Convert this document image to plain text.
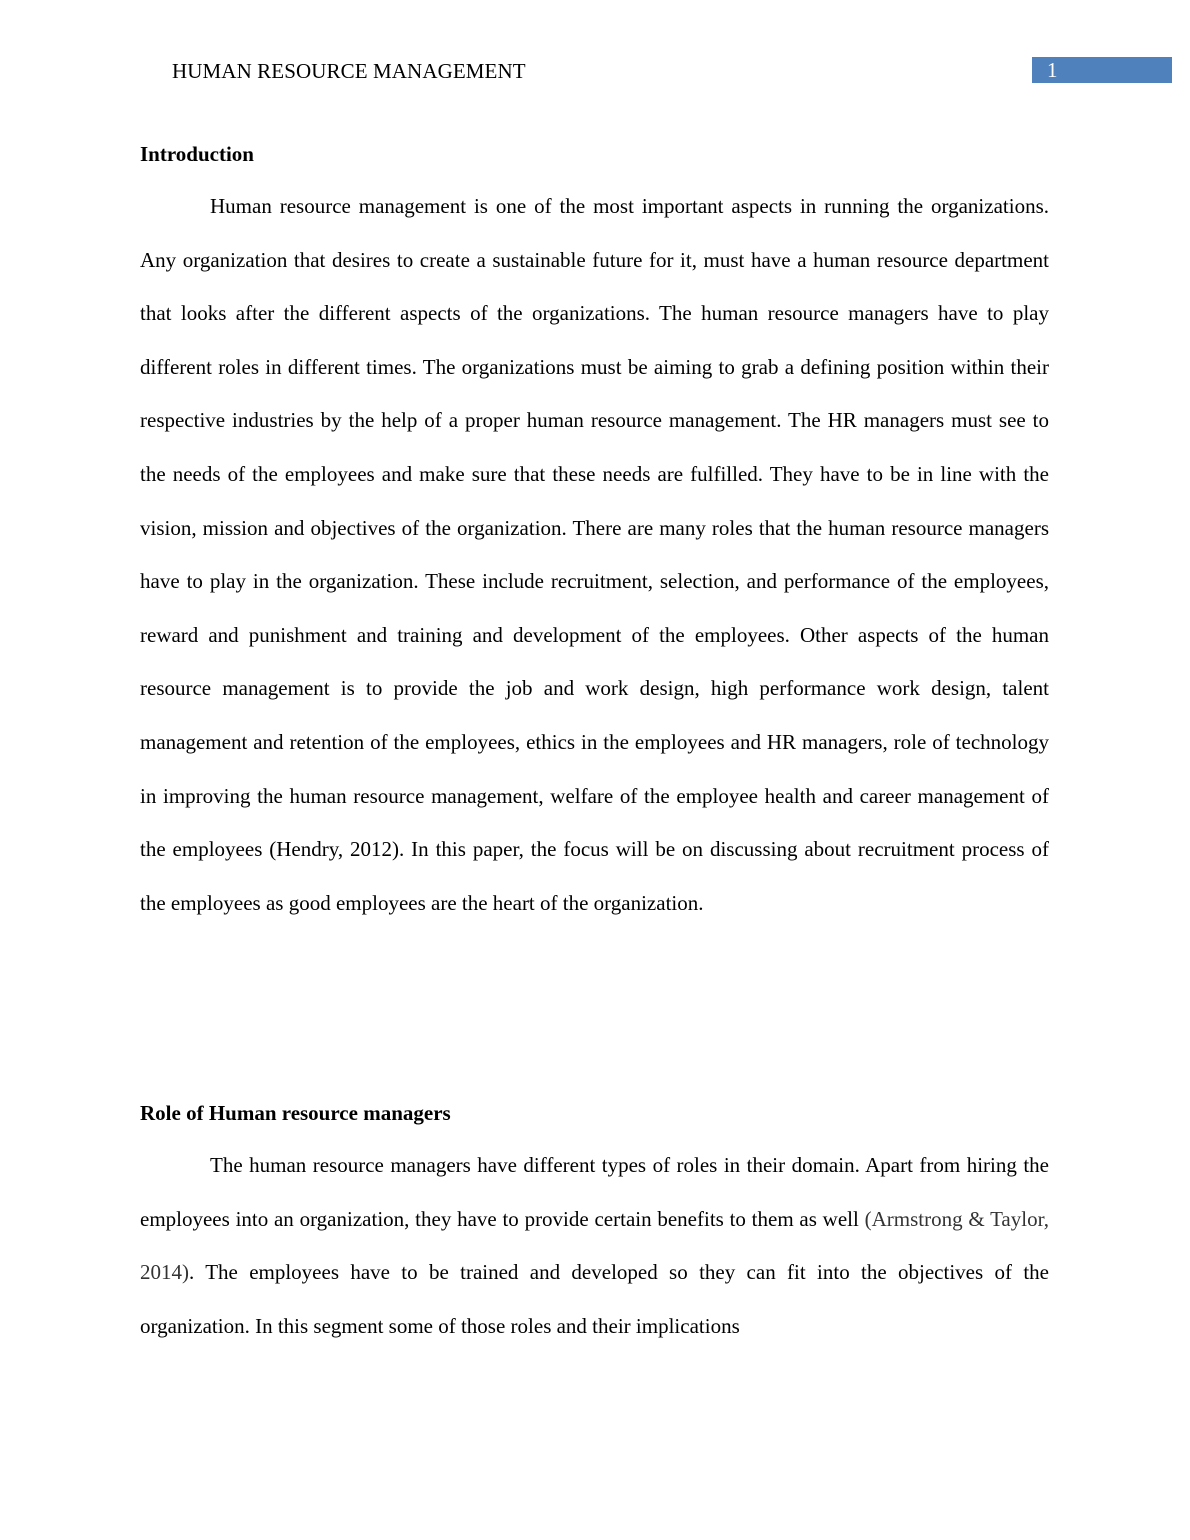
HUMAN RESOURCE MANAGEMENT	1
Introduction

Human resource management is one of the most important aspects in running the organizations. Any organization that desires to create a sustainable future for it, must have a human resource department that looks after the different aspects of the organizations. The human resource managers have to play different roles in different times. The organizations must be aiming to grab a defining position within their respective industries by the help of a proper human resource management. The HR managers must see to the needs of the employees and make sure that these needs are fulfilled. They have to be in line with the vision, mission and objectives of the organization. There are many roles that the human resource managers have to play in the organization. These include recruitment, selection, and performance of the employees, reward and punishment and training and development of the employees. Other aspects of the human resource management is to provide the job and work design, high performance work design, talent management and retention of the employees, ethics in the employees and HR managers, role of technology in improving the human resource management, welfare of the employee health and career management of the employees (Hendry, 2012). In this paper, the focus will be on discussing about recruitment process of the employees as good employees are the heart of the organization.

Role of Human resource managers

The human resource managers have different types of roles in their domain. Apart from hiring the employees into an organization, they have to provide certain benefits to them as well (Armstrong & Taylor, 2014). The employees have to be trained and developed so they can fit into the objectives of the organization. In this segment some of those roles and their implications
